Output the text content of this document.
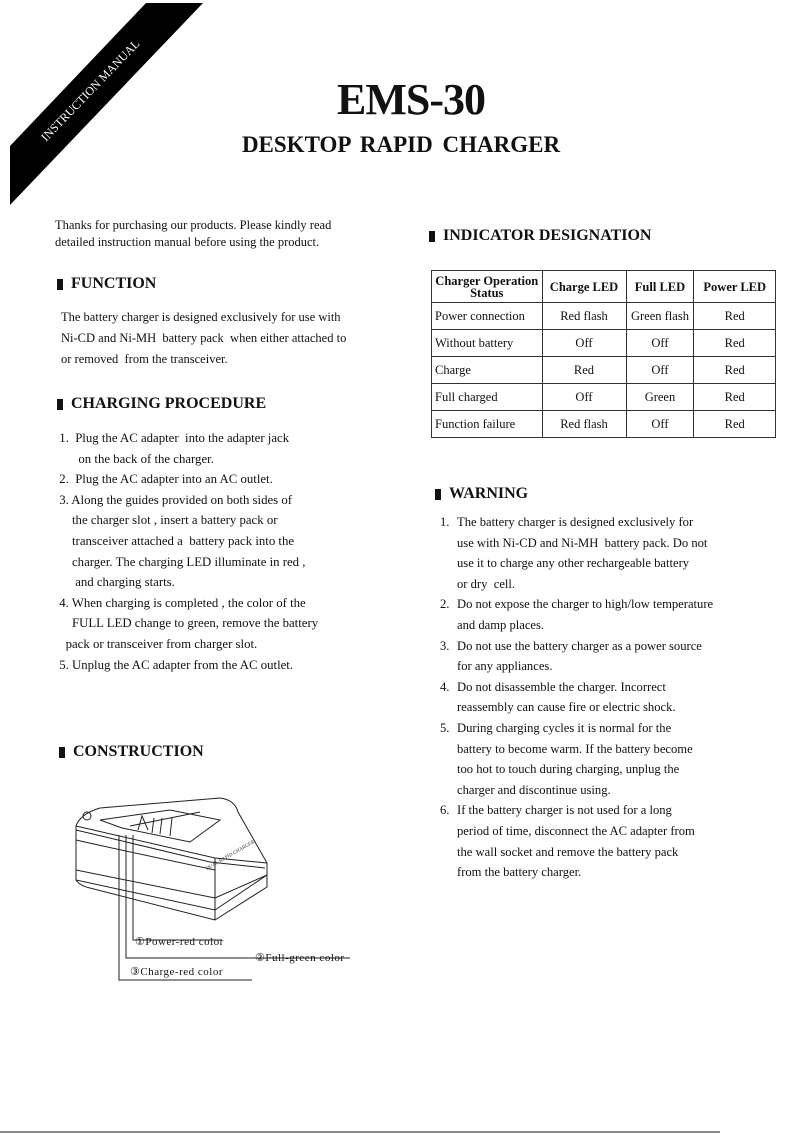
INSTRUCTION MANUAL	EMS-30
DESKTOP RAPID CHARGER
Thanks for purchasing our products. Please kindly read
detailed instruction manual before using the product.
FUNCTION
The battery charger is designed exclusively for use with
Ni-CD and Ni-MH  battery pack  when either attached to
or removed  from the transceiver.
CHARGING PROCEDURE
1.  Plug the AC adapter  into the adapter jack
on the back of the charger.
2.  Plug the AC adapter into an AC outlet.
3. Along the guides provided on both sides of
the charger slot , insert a battery pack or
transceiver attached a  battery pack into the
charger. The charging LED illuminate in red ,
and charging starts.
4. When charging is completed , the color of the
FULL LED change to green, remove the battery
pack or transceiver from charger slot.
5. Unplug the AC adapter from the AC outlet.
CONSTRUCTION
DUAL RAPID CHARGER
①Power-red color
②Full-green color
③Charge-red color
INDICATOR DESIGNATION
Charger Operation Status	Charge LED	Full LED	Power LED
Power connection	Red flash	Green flash	Red
Without battery	Off	Off	Red
Charge	Red	Off	Red
Full charged	Off	Green	Red
Function failure	Red flash	Off	Red
WARNING
1. The battery charger is designed exclusively for
use with Ni-CD and Ni-MH  battery pack. Do not
use it to charge any other rechargeable battery
or dry  cell.
2. Do not expose the charger to high/low temperature
and damp places.
3. Do not use the battery charger as a power source
for any appliances.
4. Do not disassemble the charger. Incorrect
reassembly can cause fire or electric shock.
5. During charging cycles it is normal for the
battery to become warm. If the battery become
too hot to touch during charging, unplug the
charger and discontinue using.
6. If the battery charger is not used for a long
period of time, disconnect the AC adapter from
the wall socket and remove the battery pack
from the battery charger.
